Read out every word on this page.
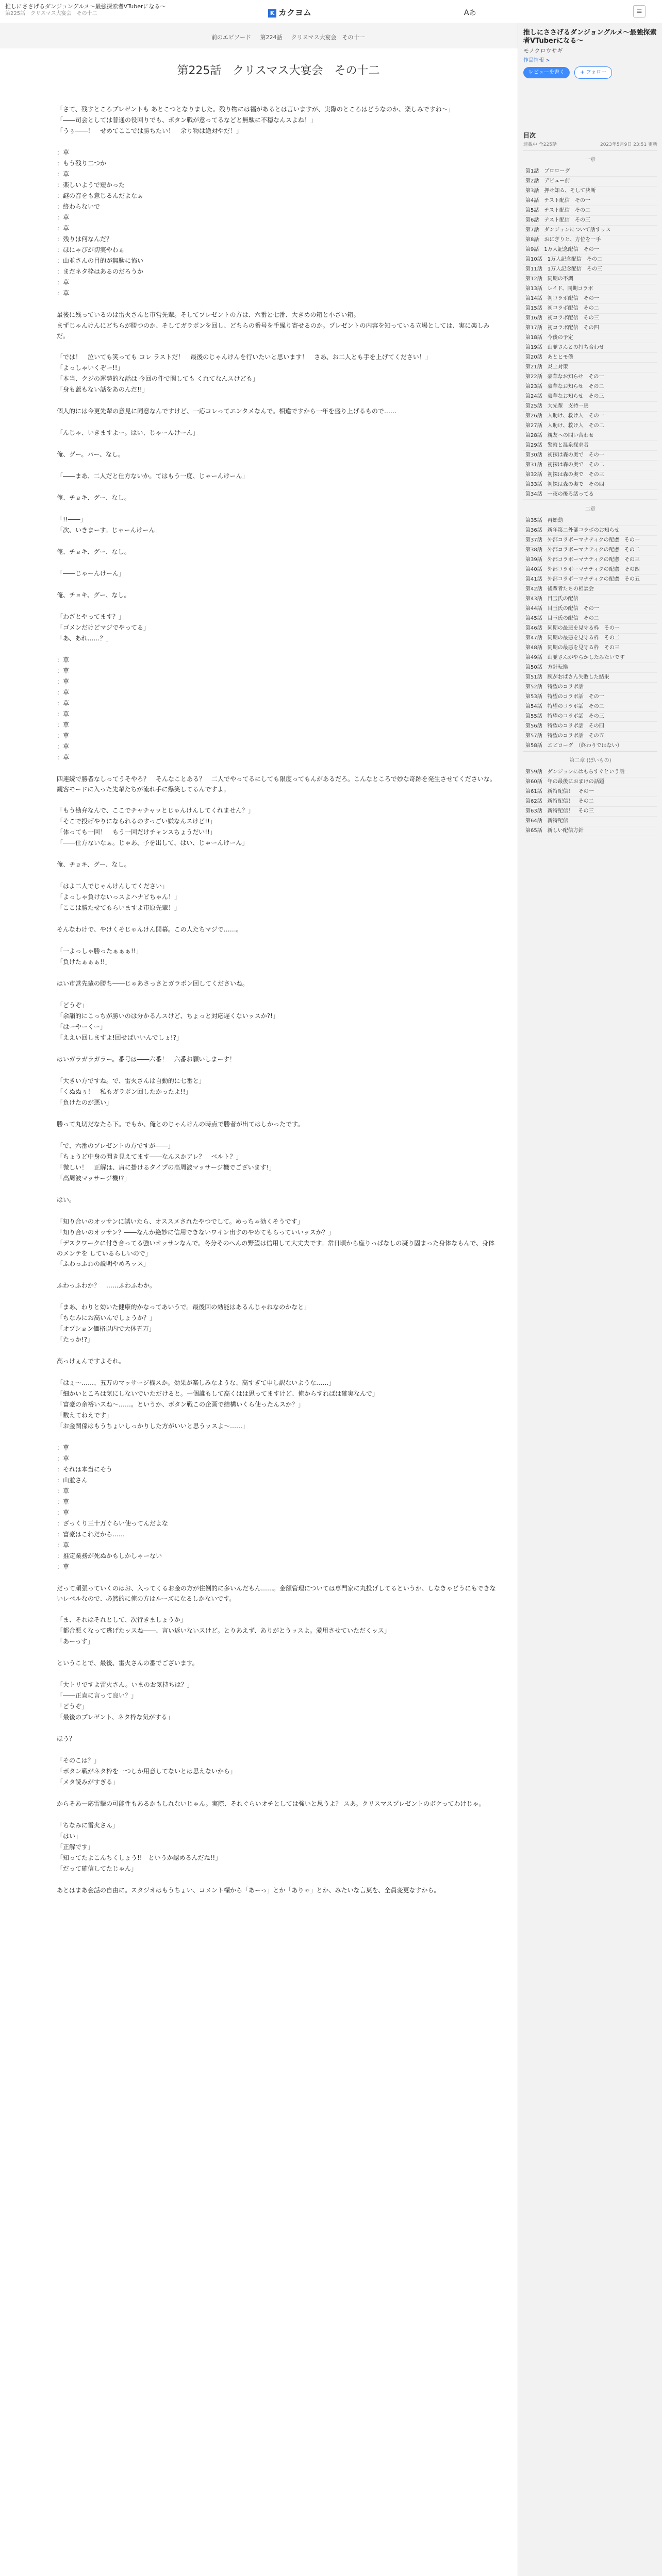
推しにささげるダンジョングルメ～最強探索者VTuberになる～
第225話　クリスマス大宴会　その十二	K カクヨム	Aあ	≡
前のエピソード 第224話 クリスマス大宴会　その十一
第225話　クリスマス大宴会　その十二

「さて、残すところプレゼントも あとこつとなりました。残り物には福があるとは言いますが、実際のところはどうなのか、楽しみですね～」

「――司会としては普通の役回りでも、ボタン戦が意ってるなどと無駄に不穏なんスよね！」

「うぅ――！　せめてここでは勝ちたい！　余り物は絶対やだ！」

：草

：もう残り二つか

：草

：楽しいようで短かった

：謎の音をも意じるんだよなぁ

：終わらないで

：草

：草

：残りは何なんだ？

：ほにゃぴが切実やわぁ

：山並さんの目的が無駄に怖い

：まだネタ枠はあるのだろうか

：草

：草

最後に残っているのは雷火さんと市営先輩。そしてプレゼントの方は、六番と七番、大きめの箱と小さい箱。

まずじゃんけんにどちらが勝つのか、そしてガラポンを回し、どちらの番号を手繰り寄せるのか。プレゼントの内容を知っている立場としては、実に楽しみだ。

「では！　泣いても笑っても コレ ラストだ！　最後のじゃんけんを行いたいと思います！　さあ、お二人とも手を上げてください！」

「よっしゃいくぞー!!」

「本当、クジの運勢的な話は 今回の件で関しても くれてなんスけども」

「身も蓋もない話をあのんだ!!」

個人的には今更先輩の意見に同意なんですけど、一応コレってエンタメなんで。相違ですから一年を盛り上げるもので……

「んじゃ、いきますよー。はい、じゃーんけーん」

俺、グー。パー、なし。

「――まあ、二人だと仕方ないか。てはもう一度、じゃーんけーん」

俺、チョキ、グー、なし。

「!!――」

「次、いきまーす。じゃーんけーん」

俺、チョキ、グー、なし。

「――じゃーんけーん」

俺、チョキ、グー、なし。

「わざとやってます？」

「ゴメンだけどマジでやってる」

「あ、あれ……？」

：草

：草

：草

：草

：草

：草

：草

：草

：草

：草

四連続で勝者なしってうそやろ？　そんなことある？　二人でやってるにしても限度ってもんがあるだろ。こんなところで妙な奇跡を発生させてくださいな。観客モードに入った先輩たちが流れ手に爆笑してるんですよ。

「もう勘弁なんで、ここでチャチャッとじゃんけんしてくれません？」

「そこで投げやりになられるのすっごい嫌なんスけど!!」

「体っても一回！　もう一回だけチャンスちょうだい!!」

「――仕方ないなぁ。じゃあ、予を出して、はい、じゃーんけーん」

俺、チョキ、グー、なし。

「はよ二人でじゃんけんしてください」

「よっしゃ負けないっスよハナビちゃん！」

「ここは勝たせてもらいますよ市原先輩！」

そんなわけで、やけくそじゃんけん開幕。この人たちマジで……。

「一よっしゃ勝ったぁぁぁ!!」

「負けたぁぁぁ!!」

はい市営先輩の勝ち――じゃあさっさとガラポン回してくださいね。

「どうぞ」

「余韻的にこっちが勝いのは分かるんスけど、ちょっと対応遅くないッスか?!」

「はーやーくー」

「ええい回しますよ!回せばいいんでしょ!?」

はいガラガラガラー。番号は――六番！　六番お願いしまーす！

「大きい方ですね。で、雷火さんは自動的に七番と」

「くぬぬぅ！　私もガラポン回したかったよ!!」

「負けたのが悪い」

勝って丸切だなたら下。でもか、俺とのじゃんけんの時点で勝者が出てはしかったです。

「で、六番のプレゼントの方ですが――」

「ちょうど中身の聞き見えてます――なんスかアレ？　ベルト？」

「微しい！　正解は、肩に掛けるタイプの高周波マッサージ機でございます!」

「高周波マッサージ機!?」

はい。

「知り合いのオッサンに誘いたら、オススメされたやつでして。めっちゃ効くそうです」

「知り合いのオッサン？――なんか絶妙に信用できないワイン出すのやめてもらっていいッスか？」

「デスクワークに付き合ってる強いオッサンなんで。冬分そのへんの野望は信用して大丈夫です。常日頃から座りっぱなしの凝り固まった身体なもんで、身体のメンテを しているらしいので」

「ふわっふわの説明やめろッス」

ふわっふわか？　……ふわふわか。

「まあ、わりと効いた健康的かなってあいうで。最後回の効能はあるんじゃねなのかなと」

「ちなみにお高いんでしょうか？」

「オプション価格以内で大体五万」

「たっか!?」

高っけぇんですよそれ。

「はぇ～……、五万のマッサージ機スか。効果が楽しみなような、高すぎて申し訳ないような……」

「細かいところは気にしないでいただけると。一個誰もして高くはは思ってますけど、俺からすればは確実なんで」

「富豪の余裕いスね～……。というか、ボタン戦この企画で結構いくら使ったんスか？」

「数えてねえです」

「お金関係はもうちょいしっかりした方がいいと思うッスよ～……」

：草

：草

：それは本当にそう

：山並さん

：草

：草

：草

：ざっくり三十万ぐらい使ってんだよな

：富豪はこれだから……

：草

：推定業務が死ぬかもしかしゃーない

：草

だって頑張っていくのはお、入ってくるお金の方が住倒的に多いんだもん……。金額管理については専門家に丸投げしてるというか、しなきゃどうにもできないレベルなので、必然的に俺の方はルーズになるしかないです。

「ま、それはそれとして、次行きましょうか」

「都合悪くなって逃げたッスね――、言い返いないスけど。とりあえず、ありがとうッスよ。愛用させていただくッス」

「あーっす」

ということで、最後、雷火さんの番でございます。

「大トリですよ雷火さん。いまのお気持ちは？」

「――正直に言って良い？」

「どうぞ」

「最後のプレゼント、ネタ枠な気がする」

ほう？

「そのこは？」

「ボタン戦がネタ枠を一つしか用意してないとは思えないから」

「メタ読みがすぎる」

からそあ一応雷撃の可能性もあるかもしれないじゃん。実際、それぐらいオチとしては強いと思うよ？ スあ。クリスマスプレゼントのボケってわけじゃ。

「ちなみに雷火さん」

「はい」

「正解です」

「知ってたよこんちくしょう!!　というか認めるんだね!!」

「だって確信してたじゃん」

あとはまあ会話の自由に。スタジオはもうちょい、コメント欄から「あーっ」とか「ありゃ」とか、みたいな言葉を、全員変更なすから。

推しにささげるダンジョングルメ～最強探索者VTuberになる～
モノクロウサギ
作品情報 >
レビューを書く	+ フォロー
目次
連載中 全225話	2023年5月9日 23:51 更新
一章
第1話　プロローグ
第2話　デビュー前
第3話　押せ知る、そして決断
第4話　テスト配信　その一
第5話　テスト配信　その二
第6話　テスト配信　その三
第7話　ダンジョンについて話すッス
第8話　おにぎりと、方位を一手
第9話　1万人記念配信　その一
第10話　1万人記念配信　その二
第11話　1万人記念配信　その三
第12話　同期の不調
第13話　レイド、同期コラボ
第14話　初コラボ配信　その一
第15話　初コラボ配信　その二
第16話　初コラボ配信　その三
第17話　初コラボ配信　その四
第18話　今後の予定
第19話　山並さんとの打ち合わせ
第20話　あとヒモ僕
第21話　炎上対策
第22話　豪華なお知らせ　その一
第23話　豪華なお知らせ　その二
第24話　豪華なお知らせ　その三
第25話　大先輩　支持一馬
第26話　人助け、救け人　その一
第27話　人助け、救け人　その二
第28話　親友への問い合わせ
第29話　警察と温泉探求者
第30話　初探は森の奥で　その一
第31話　初探は森の奥で　その二
第32話　初探は森の奥で　その三
第33話　初探は森の奥で　その四
第34話　一夜の後ろ話ってる
二章
第35話　再始動
第36話　新年第二外部コラボのお知らせ
第37話　外部コラボーマナティクの配慮　その一
第38話　外部コラボーマナティクの配慮　その二
第39話　外部コラボーマナティクの配慮　その三
第40話　外部コラボーマナティクの配慮　その四
第41話　外部コラボーマナティクの配慮　その五
第42話　後輩者たちの相談会
第43話　目玉氏の配信
第44話　目玉氏の配信　その一
第45話　目玉氏の配信　その二
第46話　同期の最悪を見守る枠　その一
第47話　同期の最悪を見守る枠　その二
第48話　同期の最悪を見守る枠　その三
第49話　山並さんがやらかしたみたいです
第50話　方針転換
第51話　腕がおばさん失敗した結果
第52話　特望のコラボ話
第53話　特望のコラボ話　その一
第54話　特望のコラボ話　その二
第55話　特望のコラボ話　その三
第56話　特望のコラボ話　その四
第57話　特望のコラボ話　その五
第58話　エピローグ　（終わりではない）
第二章 (ぽいもの)
第59話　ダンジョンにはもらすぐという話
第60話　年の最後におまけの話題
第61話　新特配信！　その一
第62話　新特配信！　その二
第63話　新特配信！　その三
第64話　新特配信
第65話　新しい配信方針
